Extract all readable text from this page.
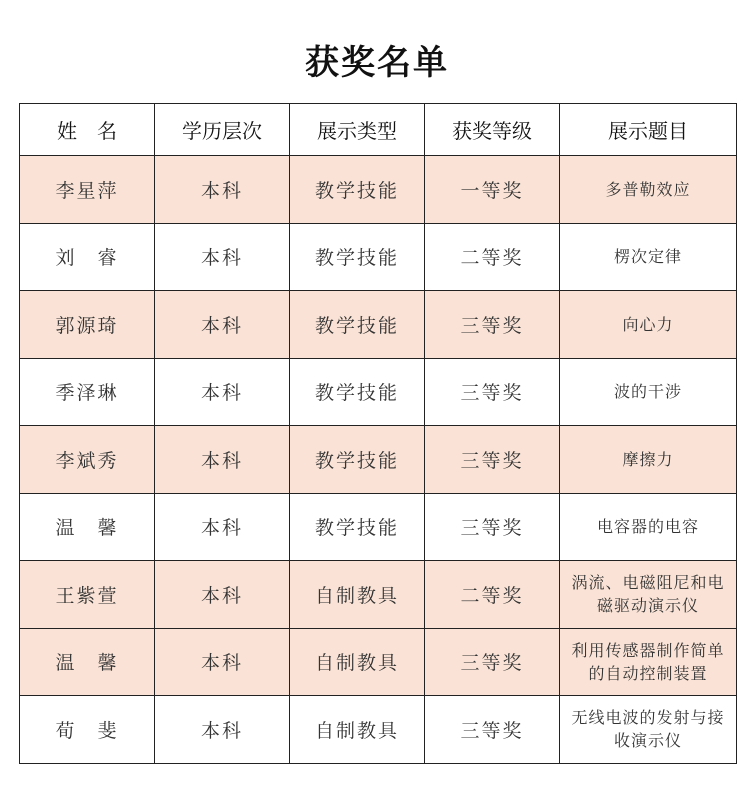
获奖名单
姓　名	学历层次	展示类型	获奖等级	展示题目
李星萍	本科	教学技能	一等奖	多普勒效应
刘　睿	本科	教学技能	二等奖	楞次定律
郭源琦	本科	教学技能	三等奖	向心力
季泽琳	本科	教学技能	三等奖	波的干涉
李斌秀	本科	教学技能	三等奖	摩擦力
温　馨	本科	教学技能	三等奖	电容器的电容
王紫萱	本科	自制教具	二等奖	涡流、电磁阻尼和电磁驱动演示仪
温　馨	本科	自制教具	三等奖	利用传感器制作简单的自动控制装置
荀　斐	本科	自制教具	三等奖	无线电波的发射与接收演示仪
